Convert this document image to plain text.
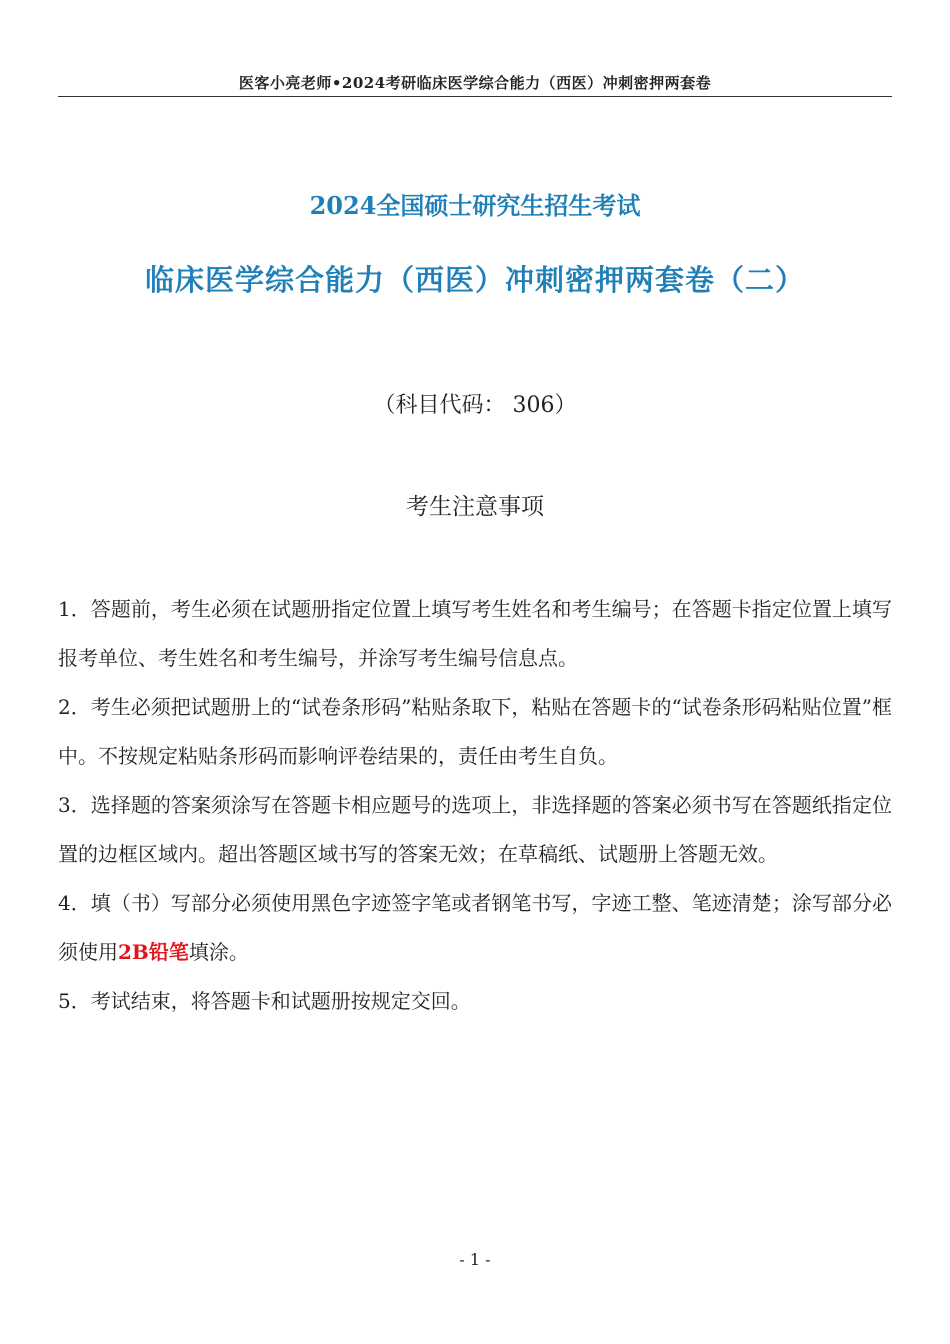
医客小亮老师•2024考研临床医学综合能力（西医）冲刺密押两套卷
2024全国硕士研究生招生考试
临床医学综合能力（西医）冲刺密押两套卷（二）
（科目代码： 306）
考生注意事项

1．答题前，考生必须在试题册指定位置上填写考生姓名和考生编号；在答题卡指定位置上填写报考单位、考生姓名和考生编号，并涂写考生编号信息点。

2．考生必须把试题册上的“试卷条形码”粘贴条取下，粘贴在答题卡的“试卷条形码粘贴位置”框中。不按规定粘贴条形码而影响评卷结果的，责任由考生自负。

3．选择题的答案须涂写在答题卡相应题号的选项上，非选择题的答案必须书写在答题纸指定位置的边框区域内。超出答题区域书写的答案无效；在草稿纸、试题册上答题无效。

4．填（书）写部分必须使用黑色字迹签字笔或者钢笔书写，字迹工整、笔迹清楚；涂写部分必须使用2B铅笔填涂。

5．考试结束，将答题卡和试题册按规定交回。

- 1 -
